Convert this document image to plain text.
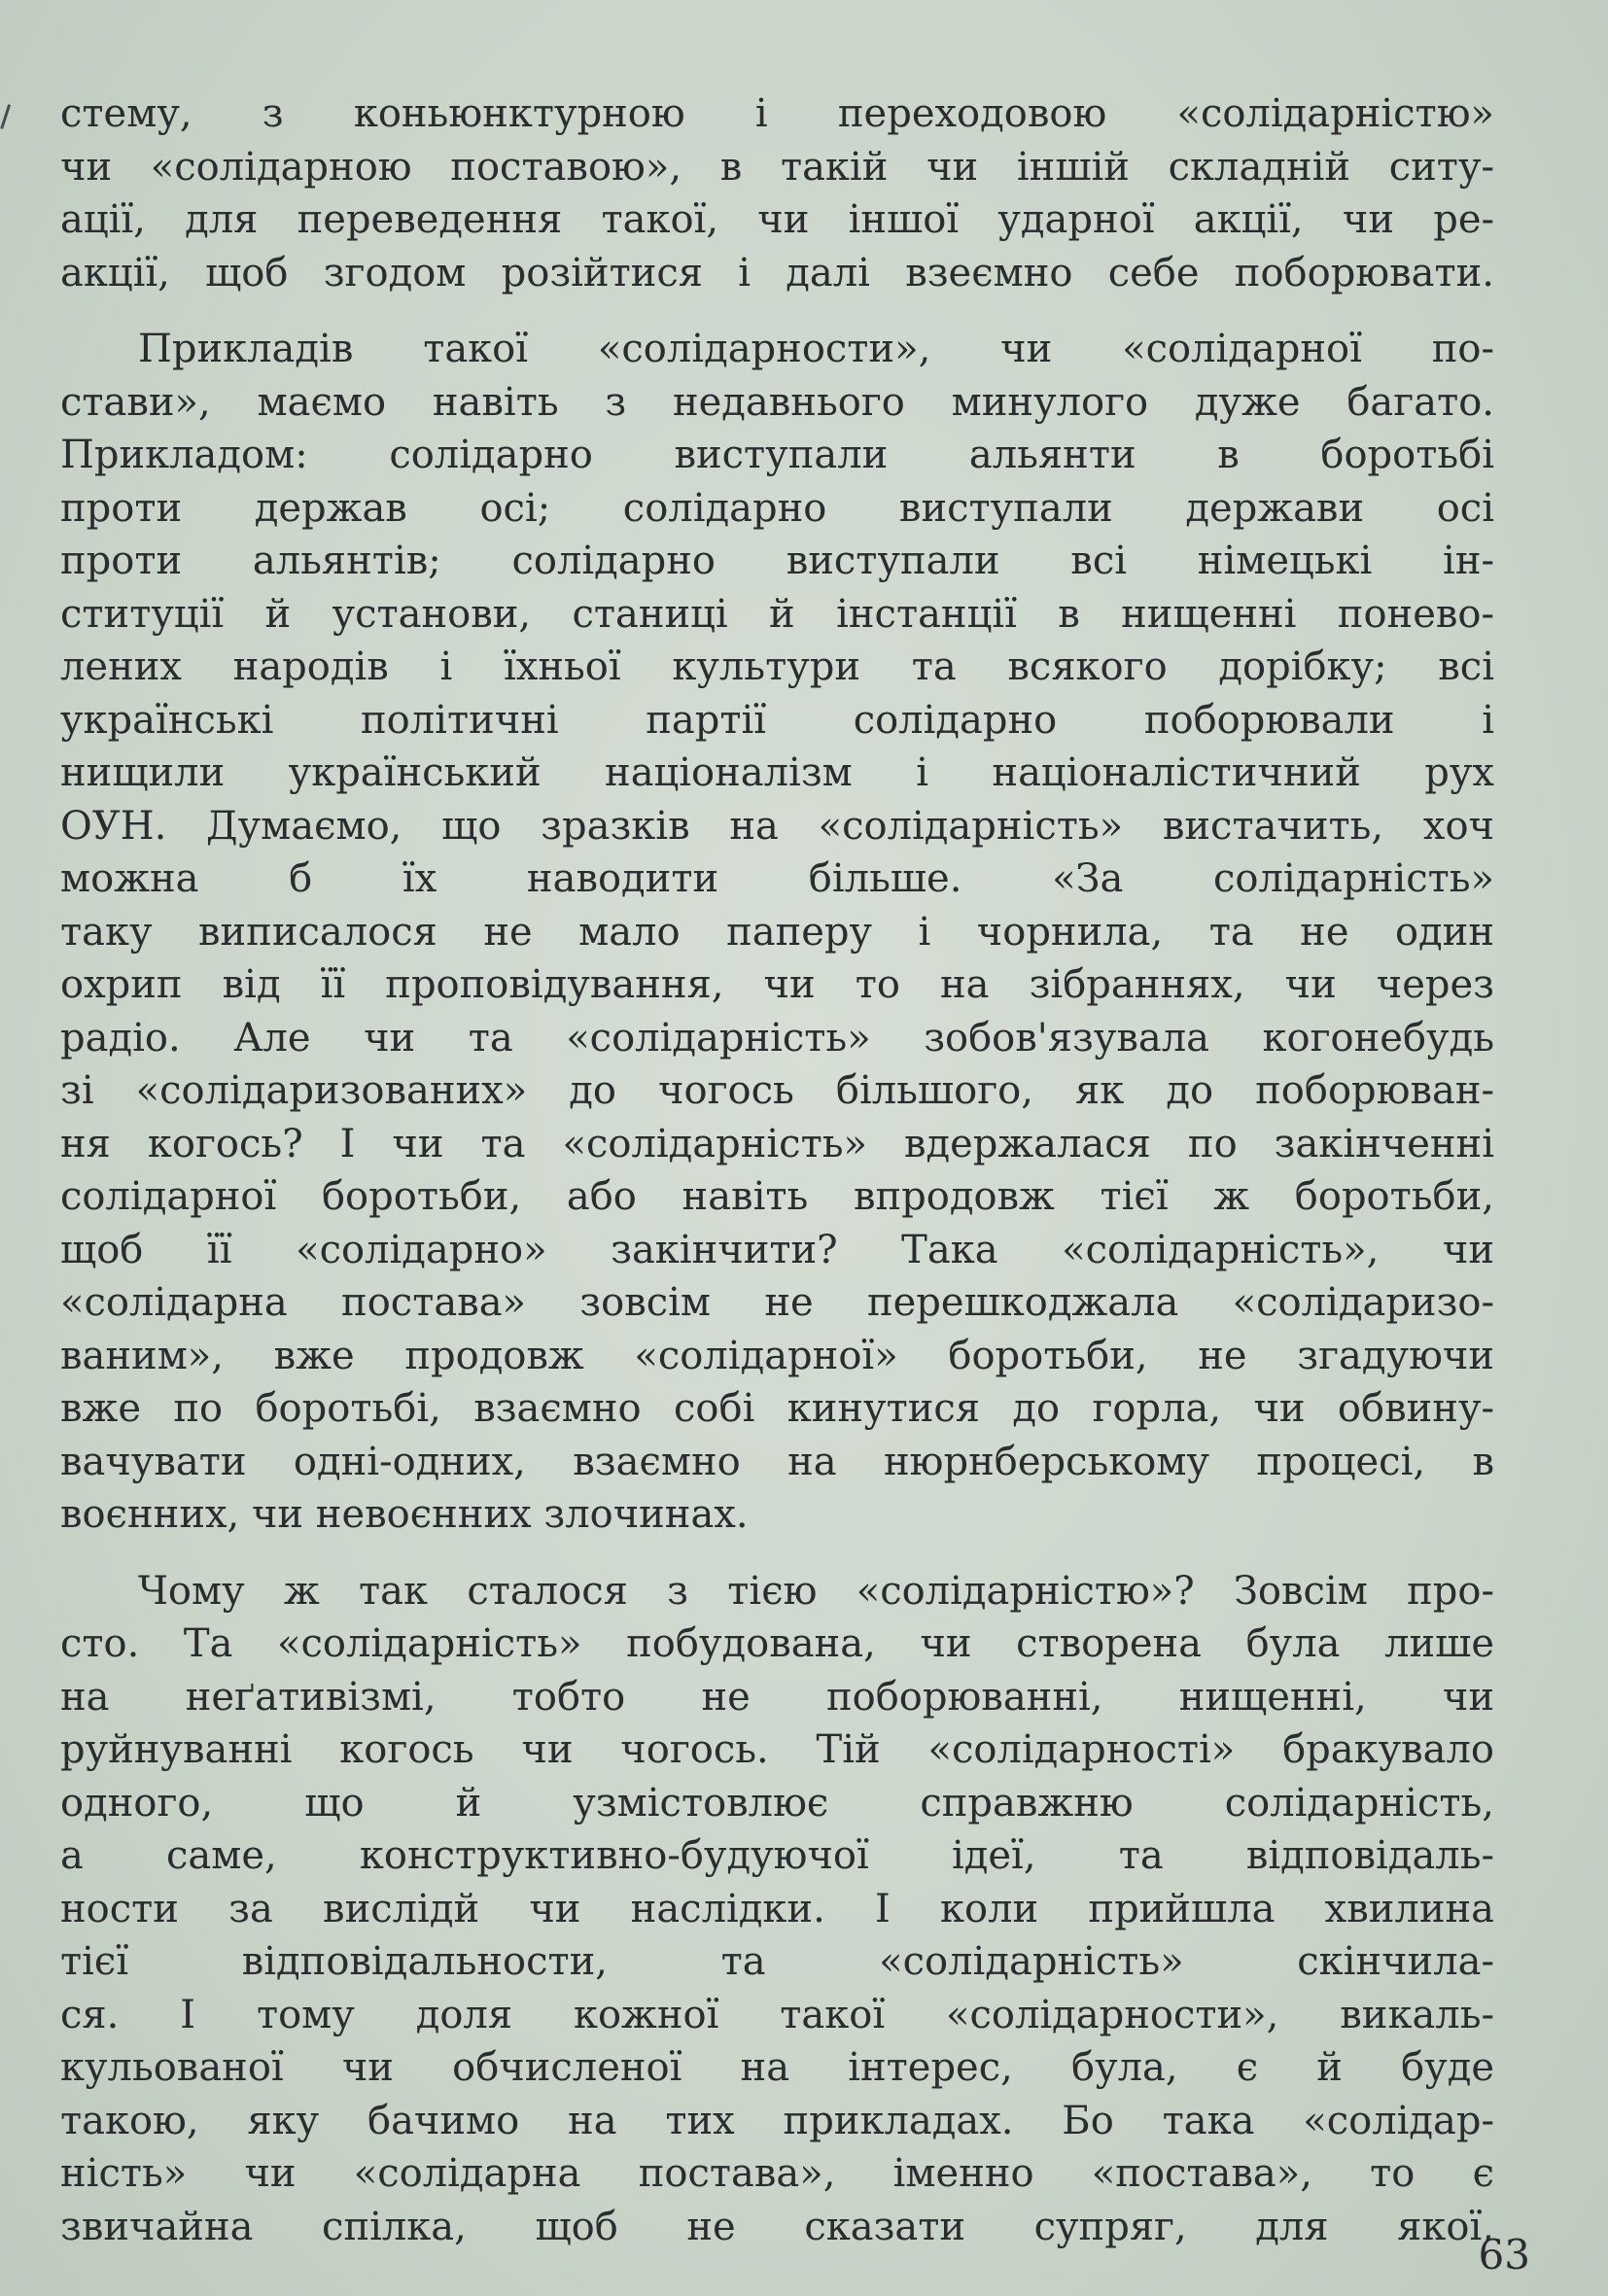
стему, з коньюнктурною і переходовою «солідарністю»
чи «солідарною поставою», в такій чи іншій складній ситу-
ації, для переведення такої, чи іншої ударної акції, чи ре-
акції, щоб згодом розійтися і далі взеємно себе поборювати.

Прикладів такої «солідарности», чи «солідарної по-
стави», маємо навіть з недавнього минулого дуже багато.
Прикладом: солідарно виступали альянти в боротьбі
проти держав осі; солідарно виступали держави осі
проти альянтів; солідарно виступали всі німецькі ін-
ституції й установи, станиці й інстанції в нищенні понево-
лених народів і їхньої культури та всякого дорібку; всі
українські політичні партії солідарно поборювали і
нищили український націоналізм і націоналістичний рух
ОУН. Думаємо, що зразків на «солідарність» вистачить, хоч
можна б їх наводити більше. «За солідарність»
таку виписалося не мало паперу і чорнила, та не один
охрип від її проповідування, чи то на зібраннях, чи через
радіо. Але чи та «солідарність» зобов'язувала когонебудь
зі «солідаризованих» до чогось більшого, як до поборюван-
ня когось? І чи та «солідарність» вдержалася по закінченні
солідарної боротьби, або навіть впродовж тієї ж боротьби,
щоб її «солідарно» закінчити? Така «солідарність», чи
«солідарна постава» зовсім не перешкоджала «солідаризо-
ваним», вже продовж «солідарної» боротьби, не згадуючи
вже по боротьбі, взаємно собі кинутися до горла, чи обвину-
вачувати одні-одних, взаємно на нюрнберському процесі, в
воєнних, чи невоєнних злочинах.

Чому ж так сталося з тією «солідарністю»? Зовсім про-
сто. Та «солідарність» побудована, чи створена була лише
на неґативізмі, тобто не поборюванні, нищенні, чи
руйнуванні когось чи чогось. Тій «солідарності» бракувало
одного, що й узмістовлює справжню солідарність,
а саме, конструктивно-будуючої ідеї, та відповідаль-
ности за вислідй чи наслідки. І коли прийшла хвилина
тієї відповідальности, та «солідарність» скінчила-
ся. І тому доля кожної такої «солідарности», викаль-
кульованої чи обчисленої на інтерес, була, є й буде
такою, яку бачимо на тих прикладах. Бо така «солідар-
ність» чи «солідарна постава», іменно «постава», то є
звичайна спілка, щоб не сказати супряг, для якої,

63
